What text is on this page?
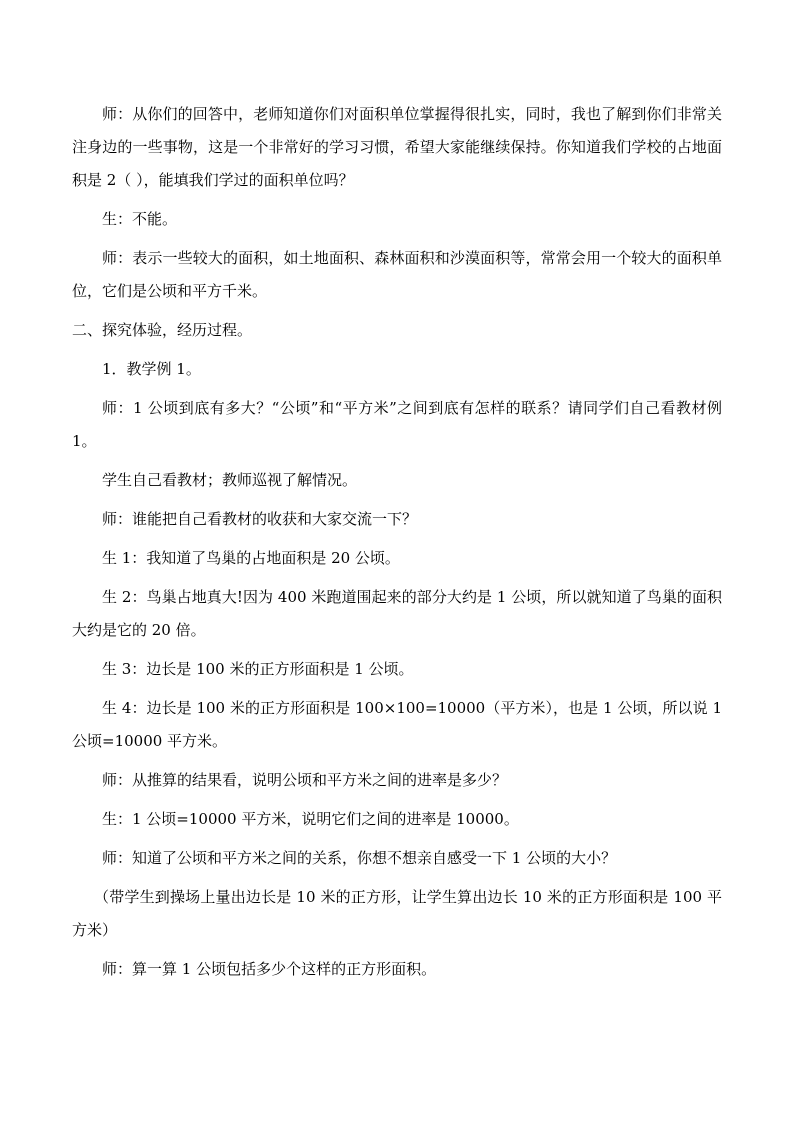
师：从你们的回答中，老师知道你们对面积单位掌握得很扎实，同时，我也了解到你们非常关注身边的一些事物，这是一个非常好的学习习惯，希望大家能继续保持。你知道我们学校的占地面积是 2（ ），能填我们学过的面积单位吗？

生：不能。

师：表示一些较大的面积，如土地面积、森林面积和沙漠面积等，常常会用一个较大的面积单位，它们是公顷和平方千米。

二、探究体验，经历过程。

1．教学例 1。

师：1 公顷到底有多大？“公顷”和“平方米”之间到底有怎样的联系？请同学们自己看教材例 1。

学生自己看教材；教师巡视了解情况。

师：谁能把自己看教材的收获和大家交流一下？

生 1：我知道了鸟巢的占地面积是 20 公顷。

生 2：鸟巢占地真大!因为 400 米跑道围起来的部分大约是 1 公顷，所以就知道了鸟巢的面积大约是它的 20 倍。

生 3：边长是 100 米的正方形面积是 1 公顷。

生 4：边长是 100 米的正方形面积是 100×100=10000（平方米），也是 1 公顷，所以说 1 公顷=10000 平方米。

师：从推算的结果看，说明公顷和平方米之间的进率是多少？

生：1 公顷=10000 平方米，说明它们之间的进率是 10000。

师：知道了公顷和平方米之间的关系，你想不想亲自感受一下 1 公顷的大小？

（带学生到操场上量出边长是 10 米的正方形，让学生算出边长 10 米的正方形面积是 100 平方米）

师：算一算 1 公顷包括多少个这样的正方形面积。
